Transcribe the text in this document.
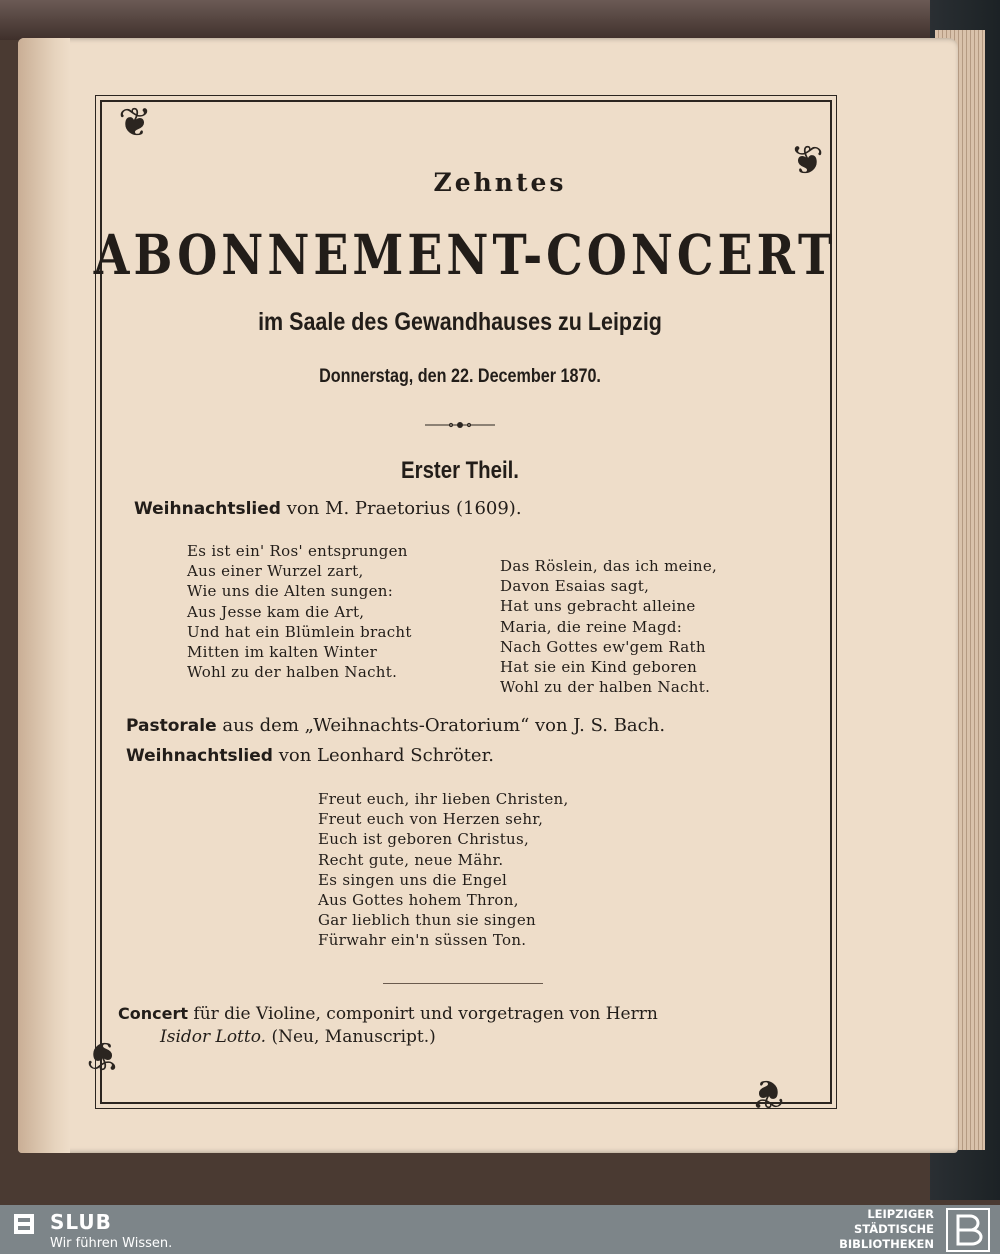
❦
❦
❦
❦
Zehntes
ABONNEMENT-CONCERT
im Saale des Gewandhauses zu Leipzig
Donnerstag, den 22. December 1870.
Erster Theil.
Weihnachtslied von M. Praetorius (1609).
Es ist ein' Ros' entsprungen
Aus einer Wurzel zart,
Wie uns die Alten sungen:
Aus Jesse kam die Art,
Und hat ein Blümlein bracht
Mitten im kalten Winter
Wohl zu der halben Nacht.
Das Röslein, das ich meine,
Davon Esaias sagt,
Hat uns gebracht alleine
Maria, die reine Magd:
Nach Gottes ew'gem Rath
Hat sie ein Kind geboren
Wohl zu der halben Nacht.
Pastorale aus dem „Weihnachts-Oratorium“ von J. S. Bach.
Weihnachtslied von Leonhard Schröter.
Freut euch, ihr lieben Christen,
Freut euch von Herzen sehr,
Euch ist geboren Christus,
Recht gute, neue Mähr.
Es singen uns die Engel
Aus Gottes hohem Thron,
Gar lieblich thun sie singen
Fürwahr ein'n süssen Ton.
Concert für die Violine, componirt und vorgetragen von Herrn
Isidor Lotto. (Neu, Manuscript.)
SLUB
Wir führen Wissen.
LEIPZIGER
STÄDTISCHE
BIBLIOTHEKEN
